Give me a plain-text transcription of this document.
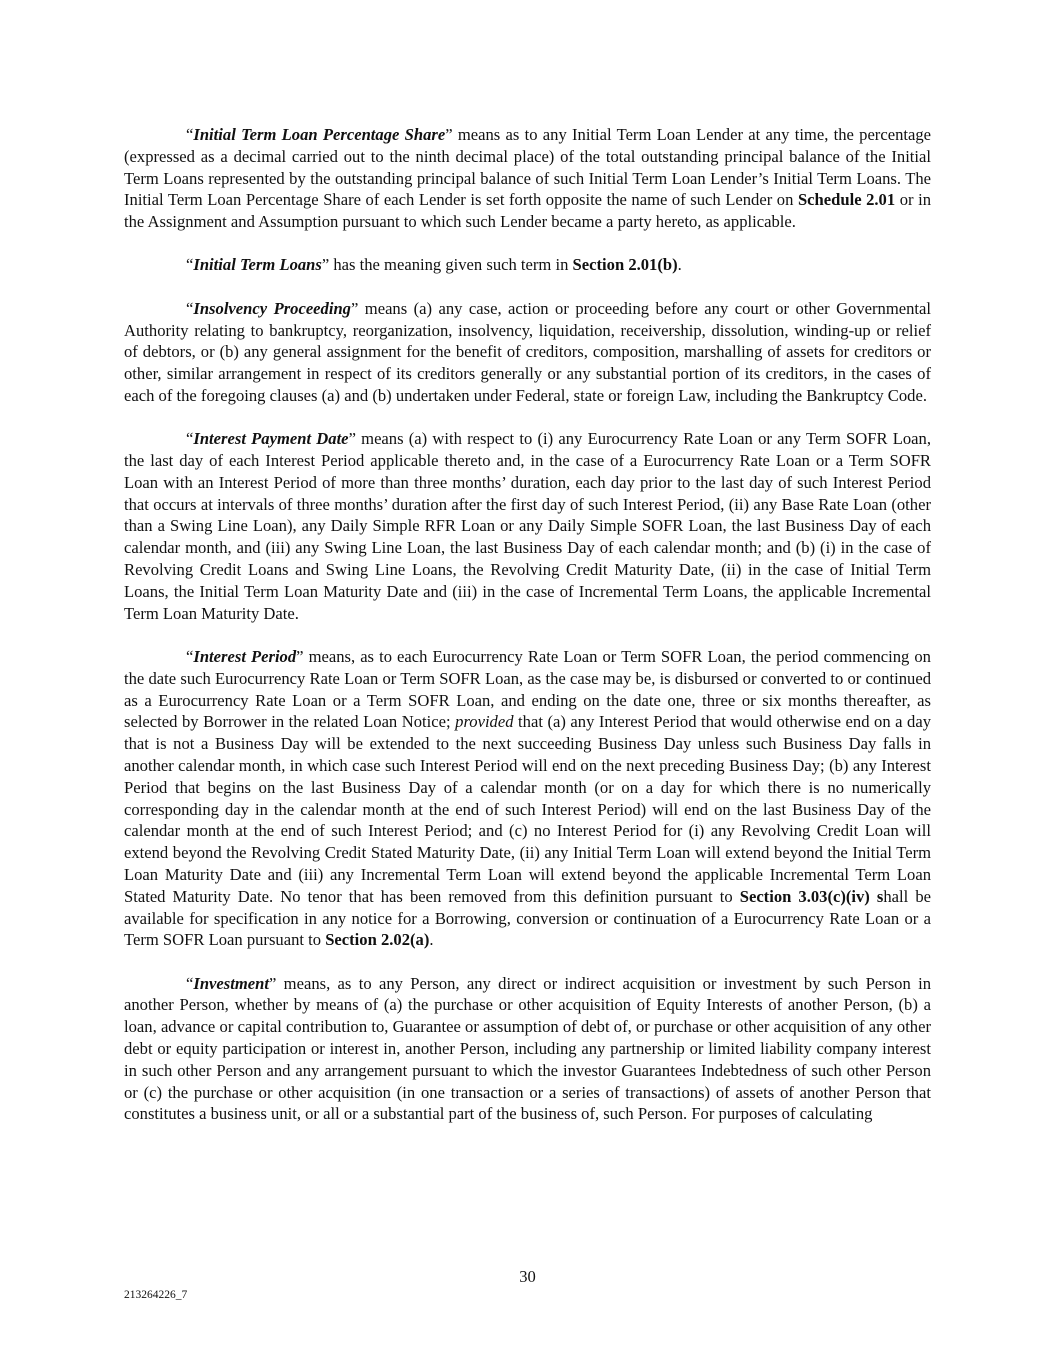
“Initial Term Loan Percentage Share” means as to any Initial Term Loan Lender at any time, the percentage (expressed as a decimal carried out to the ninth decimal place) of the total outstanding principal balance of the Initial Term Loans represented by the outstanding principal balance of such Initial Term Loan Lender’s Initial Term Loans. The Initial Term Loan Percentage Share of each Lender is set forth opposite the name of such Lender on Schedule 2.01 or in the Assignment and Assumption pursuant to which such Lender became a party hereto, as applicable.

“Initial Term Loans” has the meaning given such term in Section 2.01(b).

“Insolvency Proceeding” means (a) any case, action or proceeding before any court or other Governmental Authority relating to bankruptcy, reorganization, insolvency, liquidation, receivership, dissolution, winding-up or relief of debtors, or (b) any general assignment for the benefit of creditors, composition, marshalling of assets for creditors or other, similar arrangement in respect of its creditors generally or any substantial portion of its creditors, in the cases of each of the foregoing clauses (a) and (b) undertaken under Federal, state or foreign Law, including the Bankruptcy Code.

“Interest Payment Date” means (a) with respect to (i) any Eurocurrency Rate Loan or any Term SOFR Loan, the last day of each Interest Period applicable thereto and, in the case of a Eurocurrency Rate Loan or a Term SOFR Loan with an Interest Period of more than three months’ duration, each day prior to the last day of such Interest Period that occurs at intervals of three months’ duration after the first day of such Interest Period, (ii) any Base Rate Loan (other than a Swing Line Loan), any Daily Simple RFR Loan or any Daily Simple SOFR Loan, the last Business Day of each calendar month, and (iii) any Swing Line Loan, the last Business Day of each calendar month; and (b) (i) in the case of Revolving Credit Loans and Swing Line Loans, the Revolving Credit Maturity Date, (ii) in the case of Initial Term Loans, the Initial Term Loan Maturity Date and (iii) in the case of Incremental Term Loans, the applicable Incremental Term Loan Maturity Date.

“Interest Period” means, as to each Eurocurrency Rate Loan or Term SOFR Loan, the period commencing on the date such Eurocurrency Rate Loan or Term SOFR Loan, as the case may be, is disbursed or converted to or continued as a Eurocurrency Rate Loan or a Term SOFR Loan, and ending on the date one, three or six months thereafter, as selected by Borrower in the related Loan Notice; provided that (a) any Interest Period that would otherwise end on a day that is not a Business Day will be extended to the next succeeding Business Day unless such Business Day falls in another calendar month, in which case such Interest Period will end on the next preceding Business Day; (b) any Interest Period that begins on the last Business Day of a calendar month (or on a day for which there is no numerically corresponding day in the calendar month at the end of such Interest Period) will end on the last Business Day of the calendar month at the end of such Interest Period; and (c) no Interest Period for (i) any Revolving Credit Loan will extend beyond the Revolving Credit Stated Maturity Date, (ii) any Initial Term Loan will extend beyond the Initial Term Loan Maturity Date and (iii) any Incremental Term Loan will extend beyond the applicable Incremental Term Loan Stated Maturity Date. No tenor that has been removed from this definition pursuant to Section 3.03(c)(iv) shall be available for specification in any notice for a Borrowing, conversion or continuation of a Eurocurrency Rate Loan or a Term SOFR Loan pursuant to Section 2.02(a).

“Investment” means, as to any Person, any direct or indirect acquisition or investment by such Person in another Person, whether by means of (a) the purchase or other acquisition of Equity Interests of another Person, (b) a loan, advance or capital contribution to, Guarantee or assumption of debt of, or purchase or other acquisition of any other debt or equity participation or interest in, another Person, including any partnership or limited liability company interest in such other Person and any arrangement pursuant to which the investor Guarantees Indebtedness of such other Person or (c) the purchase or other acquisition (in one transaction or a series of transactions) of assets of another Person that constitutes a business unit, or all or a substantial part of the business of, such Person. For purposes of calculating

30
213264226_7
